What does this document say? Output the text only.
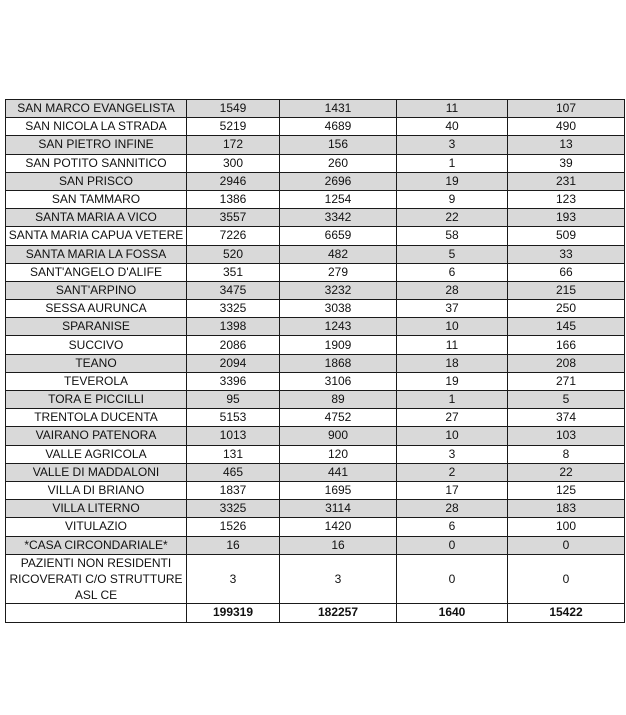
SAN MARCO EVANGELISTA	1549	1431	11	107
SAN NICOLA LA STRADA	5219	4689	40	490
SAN PIETRO INFINE	172	156	3	13
SAN POTITO SANNITICO	300	260	1	39
SAN PRISCO	2946	2696	19	231
SAN TAMMARO	1386	1254	9	123
SANTA MARIA A VICO	3557	3342	22	193
SANTA MARIA CAPUA VETERE	7226	6659	58	509
SANTA MARIA LA FOSSA	520	482	5	33
SANT'ANGELO D'ALIFE	351	279	6	66
SANT'ARPINO	3475	3232	28	215
SESSA AURUNCA	3325	3038	37	250
SPARANISE	1398	1243	10	145
SUCCIVO	2086	1909	11	166
TEANO	2094	1868	18	208
TEVEROLA	3396	3106	19	271
TORA E PICCILLI	95	89	1	5
TRENTOLA DUCENTA	5153	4752	27	374
VAIRANO PATENORA	1013	900	10	103
VALLE AGRICOLA	131	120	3	8
VALLE DI MADDALONI	465	441	2	22
VILLA DI BRIANO	1837	1695	17	125
VILLA LITERNO	3325	3114	28	183
VITULAZIO	1526	1420	6	100
*CASA CIRCONDARIALE*	16	16	0	0
PAZIENTI NON RESIDENTI RICOVERATI C/O STRUTTURE ASL CE	3	3	0	0
	199319	182257	1640	15422
